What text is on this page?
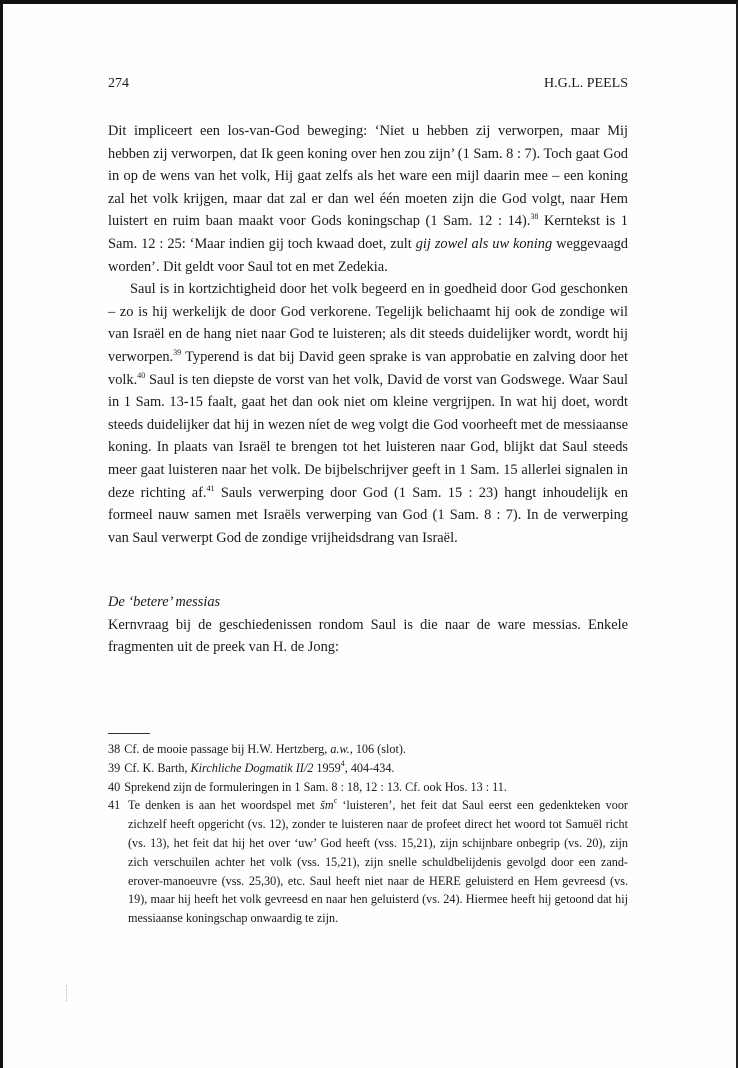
274	H.G.L. PEELS

Dit impliceert een los-van-God beweging: ‘Niet u hebben zij verworpen, maar Mij hebben zij verworpen, dat Ik geen koning over hen zou zijn’ (1 Sam. 8 : 7). Toch gaat God in op de wens van het volk, Hij gaat zelfs als het ware een mijl daarin mee – een koning zal het volk krijgen, maar dat zal er dan wel één moeten zijn die God volgt, naar Hem luistert en ruim baan maakt voor Gods koningschap (1 Sam. 12 : 14).$^{38}$ Kerntekst is 1 Sam. 12 : 25: ‘Maar indien gij toch kwaad doet, zult gij zowel als uw koning weggevaagd worden’. Dit geldt voor Saul tot en met Zedekia.

Saul is in kortzichtigheid door het volk begeerd en in goedheid door God geschonken – zo is hij werkelijk de door God verkorene. Tegelijk belichaamt hij ook de zondige wil van Israël en de hang niet naar God te luisteren; als dit steeds duidelijker wordt, wordt hij verworpen.$^{39}$ Typerend is dat bij David geen sprake is van approbatie en zalving door het volk.$^{40}$ Saul is ten diepste de vorst van het volk, David de vorst van Godswege. Waar Saul in 1 Sam. 13-15 faalt, gaat het dan ook niet om kleine vergrijpen. In wat hij doet, wordt steeds duidelijker dat hij in wezen níet de weg volgt die God voorheeft met de messiaanse koning. In plaats van Israël te brengen tot het luisteren naar God, blijkt dat Saul steeds meer gaat luisteren naar het volk. De bijbelschrijver geeft in 1 Sam. 15 allerlei signalen in deze richting af.$^{41}$ Sauls verwerping door God (1 Sam. 15 : 23) hangt inhoudelijk en formeel nauw samen met Israëls verwerping van God (1 Sam. 8 : 7). In de verwerping van Saul verwerpt God de zondige vrijheidsdrang van Israël.

De ‘betere’ messias

Kernvraag bij de geschiedenissen rondom Saul is die naar de ware messias. Enkele fragmenten uit de preek van H. de Jong:

38 Cf. de mooie passage bij H.W. Hertzberg, a.w., 106 (slot).
39 Cf. K. Barth, Kirchliche Dogmatik II/2 1959$^4$, 404-434.
40 Sprekend zijn de formuleringen in 1 Sam. 8 : 18, 12 : 13. Cf. ook Hos. 13 : 11.
41 Te denken is aan het woordspel met $šm^c$ ‘luisteren’, het feit dat Saul eerst een gedenkteken voor zichzelf heeft opgericht (vs. 12), zonder te luisteren naar de profeet direct het woord tot Samuël richt (vs. 13), het feit dat hij het over ‘uw’ God heeft (vss. 15,21), zijn schijnbare onbegrip (vs. 20), zijn zich verschuilen achter het volk (vss. 15,21), zijn snelle schuldbelijdenis gevolgd door een zand-erover-manoeuvre (vss. 25,30), etc. Saul heeft niet naar de HERE geluisterd en Hem gevreesd (vs. 19), maar hij heeft het volk gevreesd en naar hen geluisterd (vs. 24). Hiermee heeft hij getoond dat hij messiaanse koningschap onwaardig te zijn.
